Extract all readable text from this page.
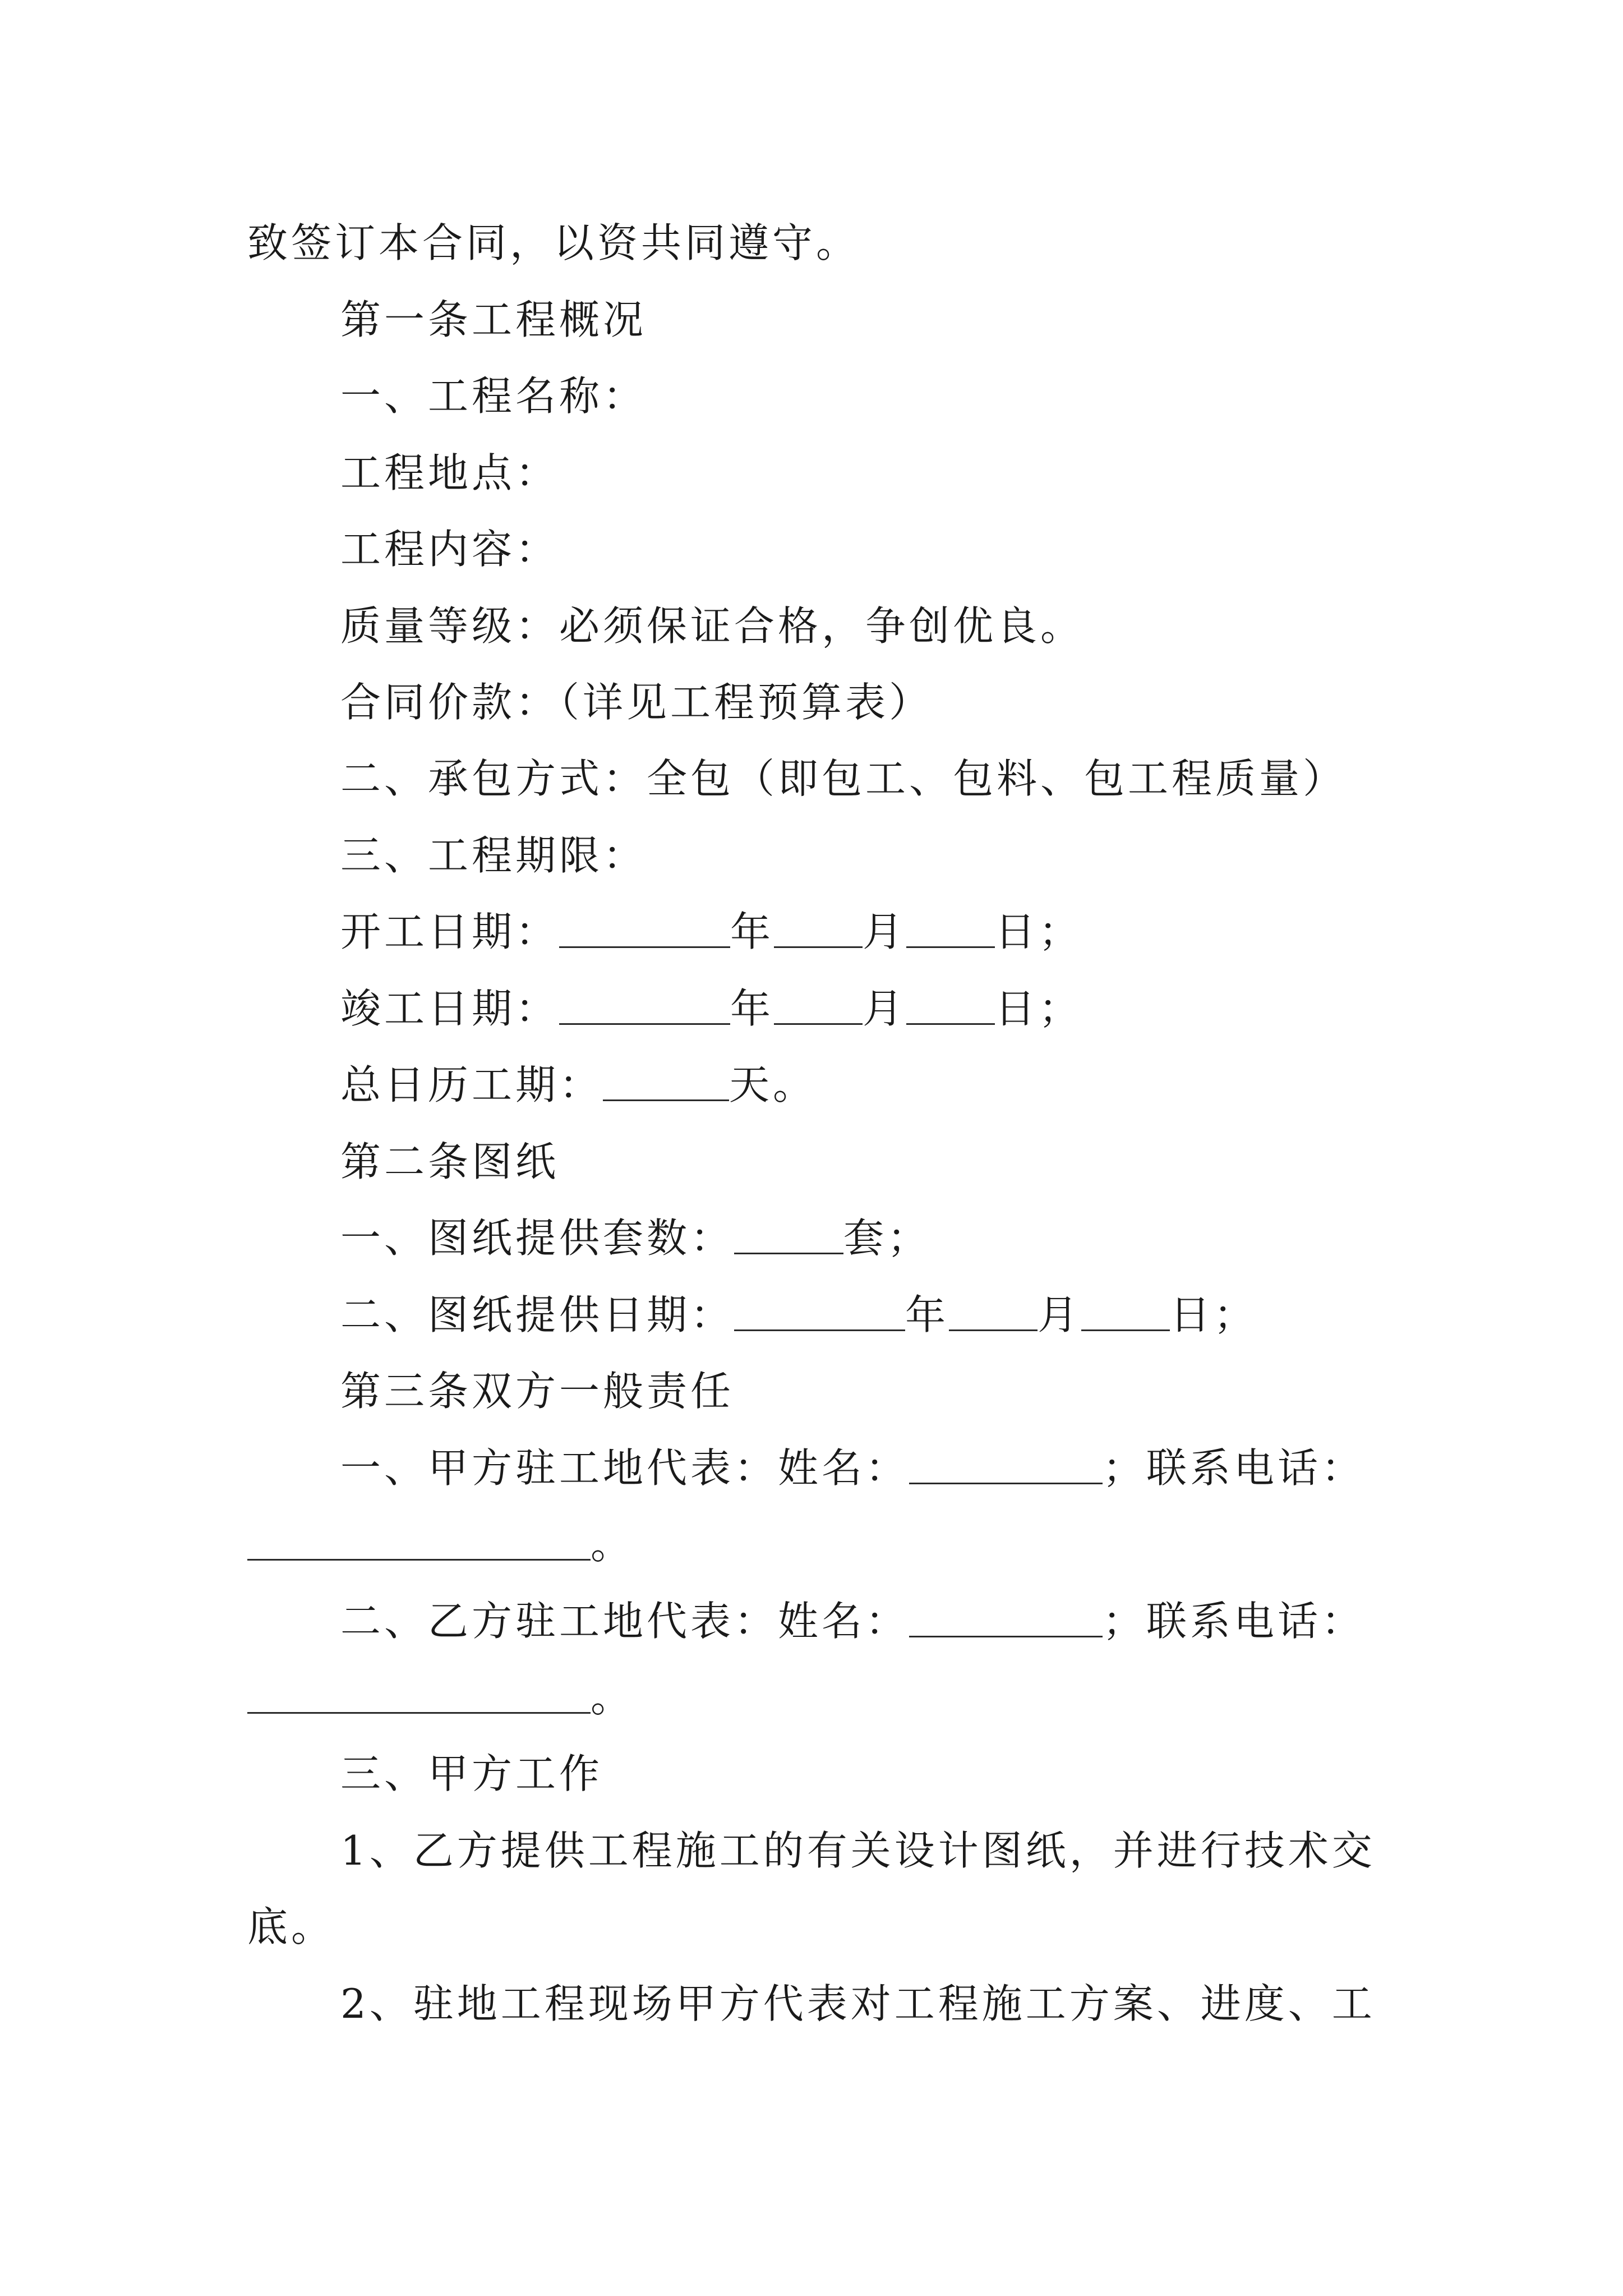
致签订本合同，以资共同遵守。
第一条工程概况
一、工程名称：
工程地点：
工程内容：
质量等级：必须保证合格，争创优良。
合同价款：（详见工程预算表）
二、承包方式：全包（即包工、包料、包工程质量）
三、工程期限：
开工日期：	年 月 日；
竣工日期：	年 月 日；
总日历工期：	天。
第二条图纸
一、图纸提供套数：	套；
二、图纸提供日期：	年 月 日；
第三条双方一般责任
一、甲方驻工地代表：姓名：	；联系电话：
。
二、乙方驻工地代表：姓名：	；联系电话：
。
三、甲方工作
1、乙方提供工程施工的有关设计图纸，并进行技术交
底。
2、驻地工程现场甲方代表对工程施工方案、进度、工
